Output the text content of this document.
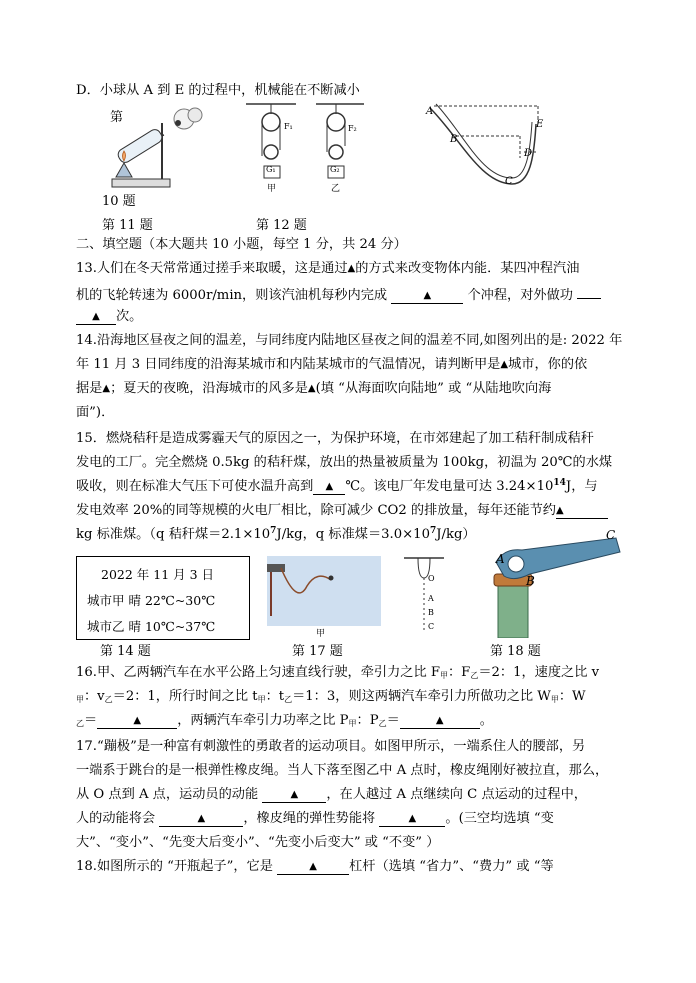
D．小球从 A 到 E 的过程中，机械能在不断减小
第
10 题
第 11 题
F₁	F₂
G₁	G₂
甲	乙
第 12 题
A
B
C
D
E
二、填空题（本大题共 10 小题，每空 1 分，共 24 分）
13.人们在冬天常常通过搓手来取暖，这是通过▲的方式来改变物体内能．某四冲程汽油
机的飞轮转速为 6000r/min，则该汽油机每秒内完成	▲	个冲程，对外做功
▲ 次。
14.沿海地区昼夜之间的温差，与同纬度内陆地区昼夜之间的温差不同,如图列出的是: 2022 年
年 11 月 3 日同纬度的沿海某城市和内陆某城市的气温情况，请判断甲是▲城市，你的依
据是▲；夏天的夜晚，沿海城市的风多是▲(填 “从海面吹向陆地” 或 “从陆地吹向海
面”)．
15．燃烧秸秆是造成雾霾天气的原因之一，为保护环境，在市郊建起了加工秸秆制成秸秆
发电的工厂。完全燃烧 0.5kg 的秸秆煤，放出的热量被质量为 100kg，初温为 20℃的水煤
吸收，则在标准大气压下可使水温升高到 ▲ ℃。该电厂年发电量可达 $3.24\times 10^{14}J$，与
发电效率 20%的同等规模的火电厂相比，除可减少 CO2 的排放量，每年还能节约▲
kg 标准煤。（q 秸秆煤$=2.1\times 10^7J/kg$，q 标准煤$=3.0\times 10^7J/kg$）
2022 年 11 月 3 日
城市甲 晴 22℃~30℃
城市乙 晴 10℃~37℃
第 14 题
甲
第 17 题
O
A
B
C
A
B
C
第 18 题
16.甲、乙两辆汽车在水平公路上匀速直线行驶，牵引力之比 $F_甲$：$F_乙=2$：1，速度之比 v
$_甲$：$v_乙=2$：1，所行时间之比 $t_甲$：$t_乙=1$：3，则这两辆汽车牵引力所做功之比 $W_甲$：W
$_乙$＝	▲	，两辆汽车牵引力功率之比 $P_甲$：$P_乙=$	▲	。
17.“蹦极”是一种富有刺激性的勇敢者的运动项目。如图甲所示，一端系住人的腰部，另
一端系于跳台的是一根弹性橡皮绳。当人下落至图乙中 A 点时，橡皮绳刚好被拉直，那么，
从 O 点到 A 点，运动员的动能	▲ ，在人越过 A 点继续向 C 点运动的过程中，
人的动能将会	▲	，橡皮绳的弹性势能将	▲ 。(三空均选填 “变
大”、“变小”、“先变大后变小”、“先变小后变大” 或 “不变” ）
18.如图所示的 “开瓶起子”，它是	▲ 杠杆（选填 “省力”、“费力” 或 “等
